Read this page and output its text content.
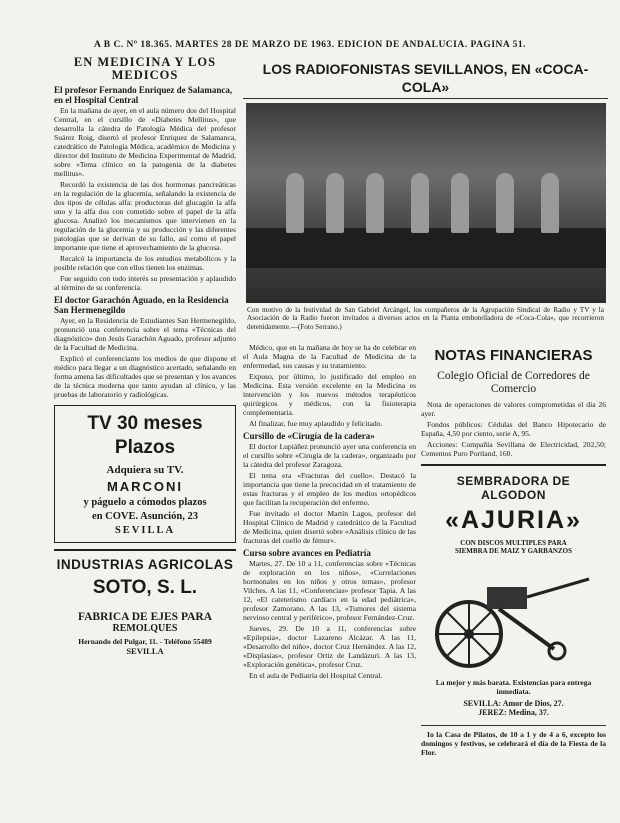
A B C. Nº 18.365. MARTES 28 DE MARZO DE 1963. EDICION DE ANDALUCIA. PAGINA 51.
EN MEDICINA Y LOS MEDICOS
El profesor Fernando Enriquez de Salamanca, en el Hospital Central

En la mañana de ayer, en el aula número dos del Hospital Central, en el cursillo de «Diabetes Mellitus», que desarrolla la cátedra de Patología Médica del profesor Suárez Roig, disertó el profesor Enriquez de Salamanca, catedrático de Patología Médica, académico de Medicina y director del Instituto de Medicina Experimental de Madrid, sobre «Tema clínico en la patogenia de la diabetes mellitus».

Recordó la existencia de las dos hormonas pancreáticas en la regulación de la glucemia, señalando la existencia de dos tipos de células alfa: productoras del glucagón la alfa uno y la alfa dos con cometido sobre el papel de la alfa glucosa. Analizó los mecanismos que intervienen en la regulación de la glucemia y su producción y las diferentes patologías que se derivan de su fallo, así como el papel importante que tiene el aprovechamiento de la glucosa.

Recalcó la importancia de los estudios metabólicos y la posible relación que con ellos tienen los enzimas.

Fue seguido con todo interés su presentación y aplaudido al término de su conferencia.

El doctor Garachón Aguado, en la Residencia San Hermenegildo

Ayer, en la Residencia de Estudiantes San Hermenegildo, pronunció una conferencia sobre el tema «Técnicas del diagnóstico» don Jesús Garachón Aguado, profesor adjunto de la Facultad de Medicina.

Explicó el conferenciante los medios de que dispone el médico para llegar a un diagnóstico acertado, señalando en forma amena las dificultades que se presentan y los avances de la técnica moderna que tanto ayudan al clínico, y las pruebas de laboratorio y radiológicas.

TV 30 meses Plazos
Adquiera su TV.
MARCONI
y páguelo a cómodos plazos
en COVE. Asunción, 23
SEVILLA
INDUSTRIAS AGRICOLAS
SOTO, S. L.
FABRICA DE EJES PARA
REMOLQUES
Hernando del Pulgar, 11. - Teléfono 55489
SEVILLA
LOS RADIOFONISTAS SEVILLANOS, EN «COCA-COLA»
Con motivo de la festividad de San Gabriel Arcángel, los compañeros de la Agrupación Sindical de Radio y TV y la Asociación de la Radio fueron invitados a diversos actos en la Planta embotelladora de «Coca-Cola», que recorrieron detenidamente.—(Foto Serrano.)

Médico, que en la mañana de hoy se ha de celebrar en el Aula Magna de la Facultad de Medicina de la enfermedad, sus causas y su tratamiento.

Expuso, por último, lo justificado del empleo en Medicina. Esta versión excelente en la Medicina es intervención y los nuevos métodos terapéuticos quirúrgicos y médicos, con la fisioterapia complementaria.

Al finalizar, fue muy aplaudido y felicitado.

Cursillo de «Cirugía de la cadera»

El doctor Lupiáñez pronunció ayer una conferencia en el cursillo sobre «Cirugía de la cadera», organizado por la cátedra del profesor Zaragoza.

El tema era «Fracturas del cuello». Destacó la importancia que tiene la precocidad en el tratamiento de estas fracturas y el empleo de los medios ortopédicos que facilitan la recuperación del enfermo.

Fue invitado el doctor Martín Lagos, profesor del Hospital Clínico de Madrid y catedrático de la Facultad de Medicina, quien disertó sobre «Análisis clínico de las fracturas del cuello de fémur».

Curso sobre avances en Pediatría

Martes, 27. De 10 a 11, conferencias sobre «Técnicas de exploración en los niños», «Correlaciones hormonales en los niños y otros temas», profesor Vilches. A las 11, «Conferencias» profesor Tapia. A las 12, «El cateterismo cardíaco en la edad pediátrica», profesor Zamorano. A las 13, «Tumores del sistema nervioso central y periférico», profesor Fernández-Cruz.

Jueves, 29. De 10 a 11, conferencias sobre «Epilepsia», doctor Lazareno Alcázar. A las 11, «Desarrollo del niño», doctor Cruz Hernández. A las 12, «Displasias», profesor Ortiz de Landázuri. A las 13, «Exploración genética», profesor Cruz.

En el aula de Pediatría del Hospital Central.

NOTAS FINANCIERAS
Colegio Oficial de Corredores de Comercio

Nota de operaciones de valores comprometidas el día 26 ayer.

Fondos públicos: Cédulas del Banco Hipotecario de España, 4,50 por ciento, serie A, 95.

Acciones: Compañía Sevillana de Electricidad, 202,50; Cementos Puro Portland, 160.

SEMBRADORA DE ALGODON
«AJURIA»
CON DISCOS MULTIPLES PARA
SIEMBRA DE MAIZ Y GARBANZOS
La mejor y más barata. Existencias para entrega inmediata.
SEVILLA: Amor de Dios, 27.
JEREZ: Medina, 37.

Io la Casa de Pilatos, de 10 a 1 y de 4 a 6, excepto los domingos y festivos, se celebrará el día de la Fiesta de la Flor.
